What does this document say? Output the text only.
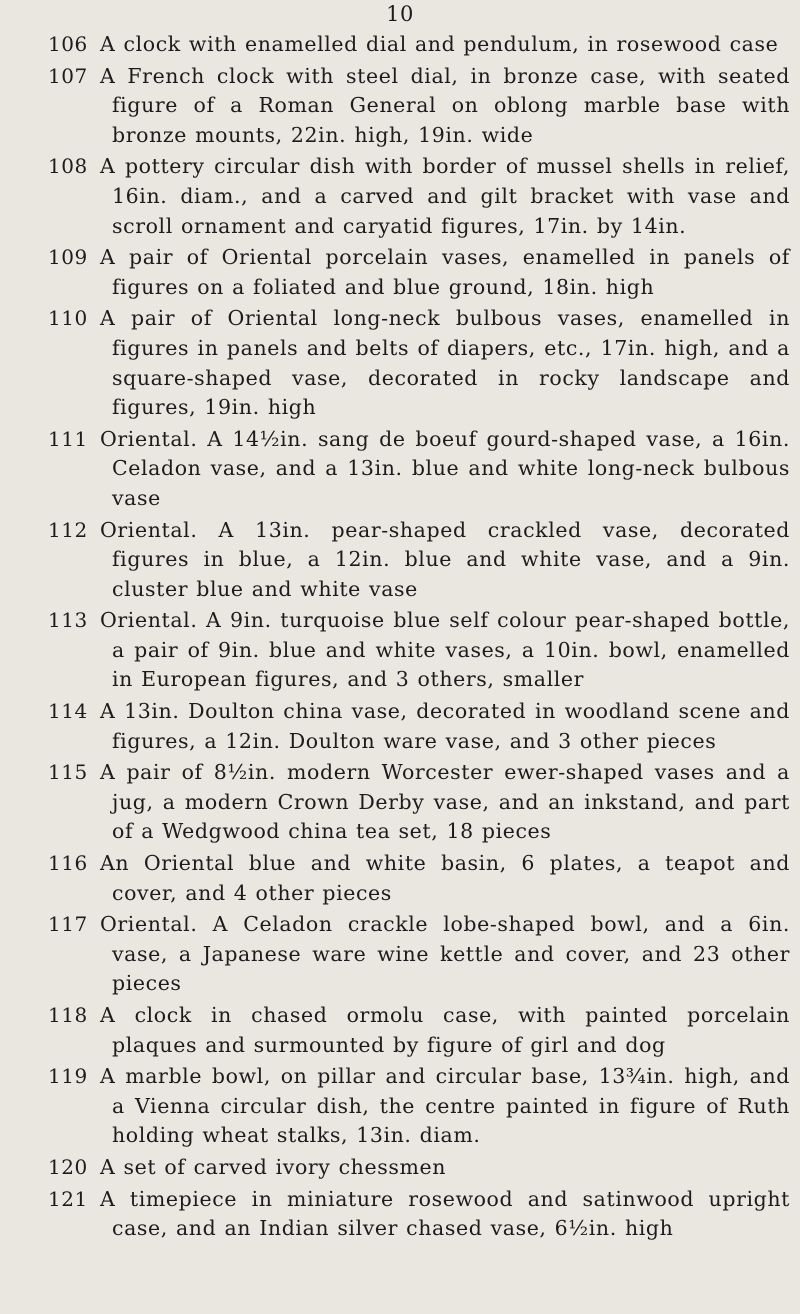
10
106 A clock with enamelled dial and pendulum, in rosewood case
107 A French clock with steel dial, in bronze case, with seated figure of a Roman General on oblong marble base with bronze mounts, 22in. high, 19in. wide
108 A pottery circular dish with border of mussel shells in relief, 16in. diam., and a carved and gilt bracket with vase and scroll ornament and caryatid figures, 17in. by 14in.
109 A pair of Oriental porcelain vases, enamelled in panels of figures on a foliated and blue ground, 18in. high
110 A pair of Oriental long-neck bulbous vases, enamelled in figures in panels and belts of diapers, etc., 17in. high, and a square-shaped vase, decorated in rocky landscape and figures, 19in. high
111 Oriental. A 14½in. sang de boeuf gourd-shaped vase, a 16in. Celadon vase, and a 13in. blue and white long-neck bulbous vase
112 Oriental. A 13in. pear-shaped crackled vase, decorated figures in blue, a 12in. blue and white vase, and a 9in. cluster blue and white vase
113 Oriental. A 9in. turquoise blue self colour pear-shaped bottle, a pair of 9in. blue and white vases, a 10in. bowl, enamelled in European figures, and 3 others, smaller
114 A 13in. Doulton china vase, decorated in woodland scene and figures, a 12in. Doulton ware vase, and 3 other pieces
115 A pair of 8½in. modern Worcester ewer-shaped vases and a jug, a modern Crown Derby vase, and an inkstand, and part of a Wedgwood china tea set, 18 pieces
116 An Oriental blue and white basin, 6 plates, a teapot and cover, and 4 other pieces
117 Oriental. A Celadon crackle lobe-shaped bowl, and a 6in. vase, a Japanese ware wine kettle and cover, and 23 other pieces
118 A clock in chased ormolu case, with painted porcelain plaques and surmounted by figure of girl and dog
119 A marble bowl, on pillar and circular base, 13¾in. high, and a Vienna circular dish, the centre painted in figure of Ruth holding wheat stalks, 13in. diam.
120 A set of carved ivory chessmen
121 A timepiece in miniature rosewood and satinwood upright case, and an Indian silver chased vase, 6½in. high
